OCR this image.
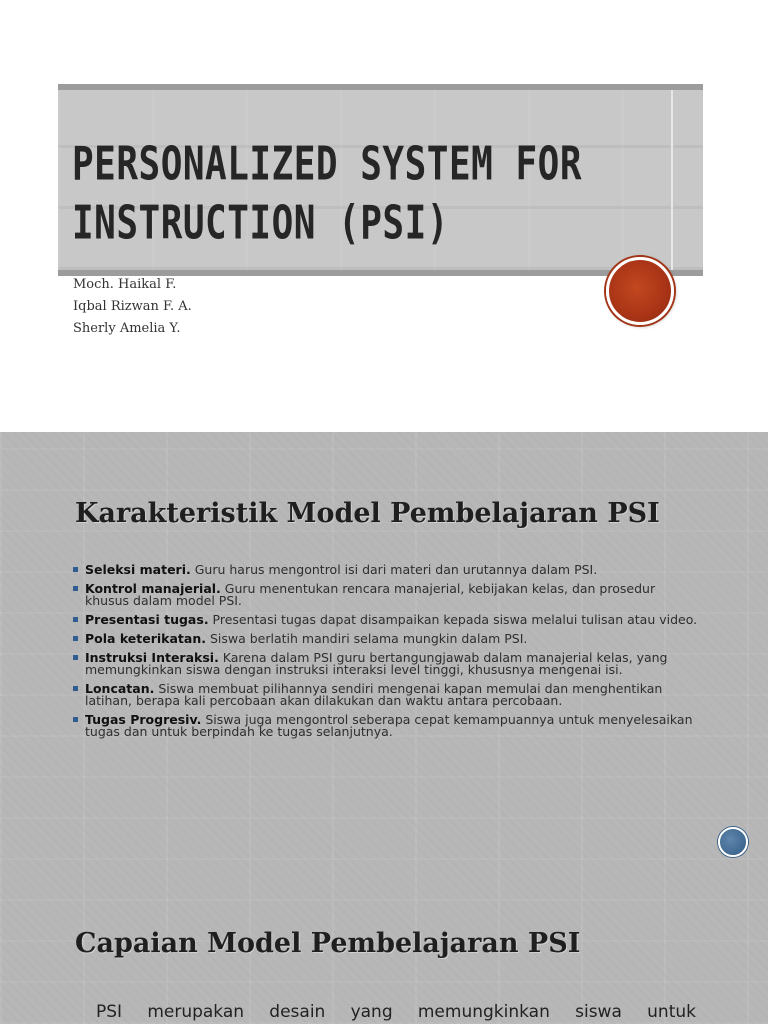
PERSONALIZED SYSTEM FOR
INSTRUCTION (PSI)
Moch. Haikal F.
Iqbal Rizwan F. A.
Sherly Amelia Y.
Karakteristik Model Pembelajaran PSI
Seleksi materi. Guru harus mengontrol isi dari materi dan urutannya dalam PSI.
Kontrol manajerial. Guru menentukan rencara manajerial, kebijakan kelas, dan prosedur khusus dalam model PSI.
Presentasi tugas. Presentasi tugas dapat disampaikan kepada siswa melalui tulisan atau video.
Pola keterikatan. Siswa berlatih mandiri selama mungkin dalam PSI.
Instruksi Interaksi. Karena dalam PSI guru bertangungjawab dalam manajerial kelas, yang memungkinkan siswa dengan instruksi interaksi level tinggi, khususnya mengenai isi.
Loncatan. Siswa membuat pilihannya sendiri mengenai kapan memulai dan menghentikan latihan, berapa kali percobaan akan dilakukan dan waktu antara percobaan.
Tugas Progresiv. Siswa juga mengontrol seberapa cepat kemampuannya untuk menyelesaikan tugas dan untuk berpindah ke tugas selanjutnya.
Capaian Model Pembelajaran PSI
PSI merupakan desain yang memungkinkan siswa untuk
